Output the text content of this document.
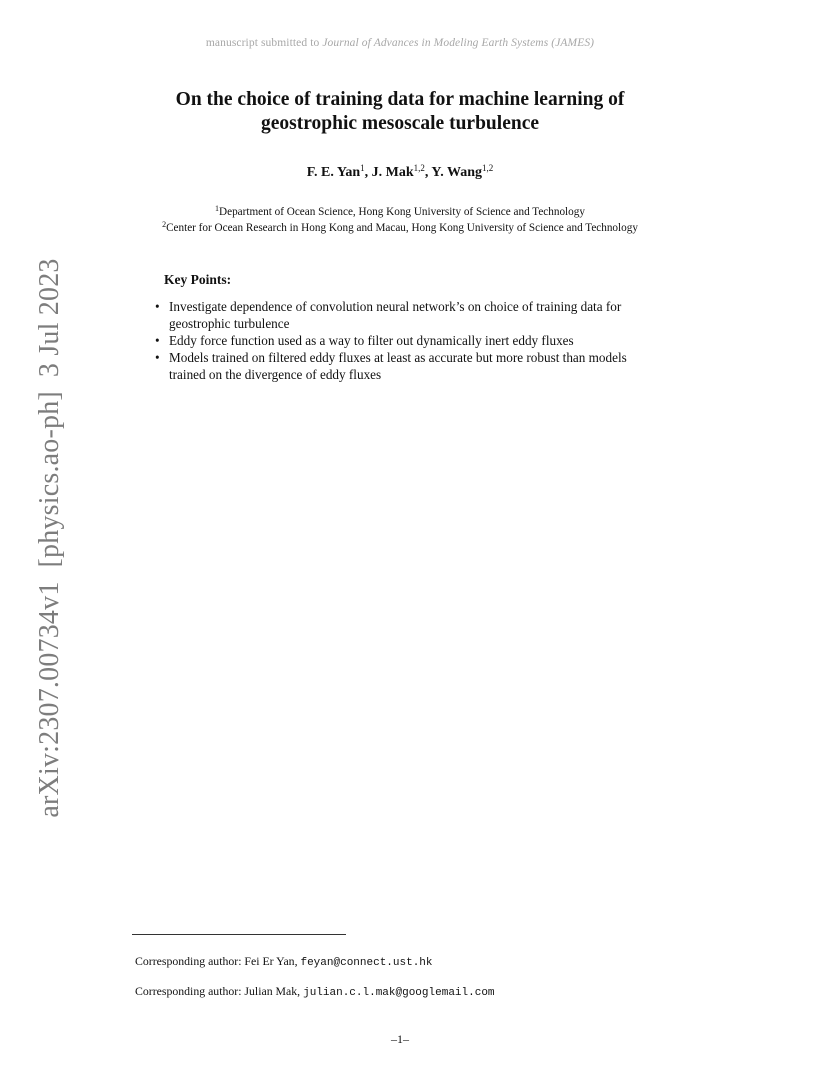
manuscript submitted to Journal of Advances in Modeling Earth Systems (JAMES)
arXiv:2307.00734v1[physics.ao-ph]3 Jul 2023
On the choice of training data for machine learning of
geostrophic mesoscale turbulence
F. E. Yan$^1$, J. Mak$^{1,2}$, Y. Wang$^{1,2}$
$^1$Department of Ocean Science, Hong Kong University of Science and Technology
$^2$Center for Ocean Research in Hong Kong and Macau, Hong Kong University of Science and Technology
Key Points:
• Investigate dependence of convolution neural network’s on choice of training data for geostrophic turbulence
• Eddy force function used as a way to filter out dynamically inert eddy fluxes
• Models trained on filtered eddy fluxes at least as accurate but more robust than models trained on the divergence of eddy fluxes
Corresponding author: Fei Er Yan, feyan@connect.ust.hk
Corresponding author: Julian Mak, julian.c.l.mak@googlemail.com
–1–
